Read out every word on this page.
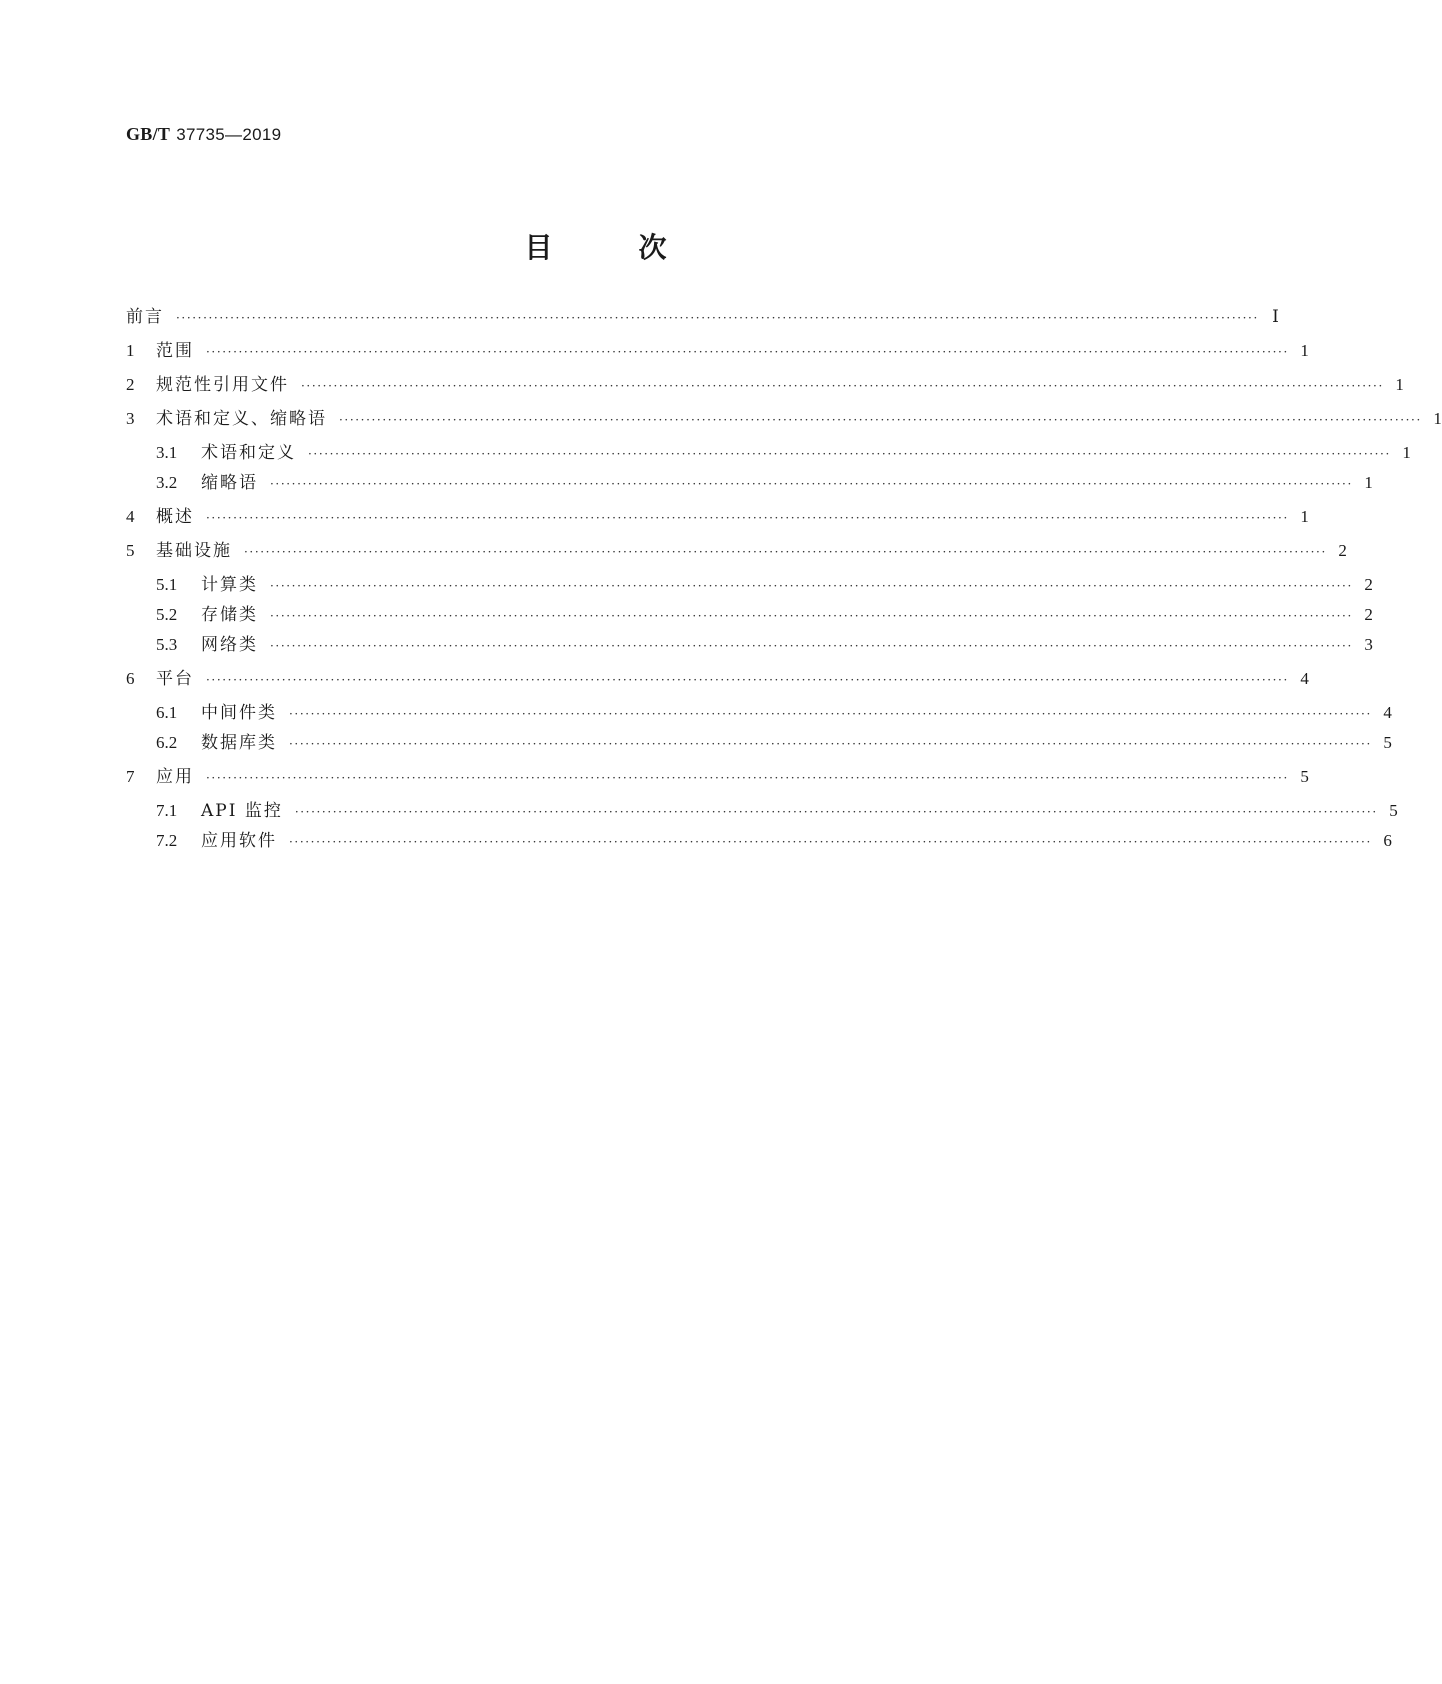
GB/T 37735—2019
目	次
前言 ········································································································································································································ Ⅰ
1	范围 ········································································································································································································ 1
2	规范性引用文件 ········································································································································································································ 1
3	术语和定义、缩略语 ········································································································································································································ 1
3.1	术语和定义 ········································································································································································································ 1
3.2	缩略语 ········································································································································································································ 1
4	概述 ········································································································································································································ 1
5	基础设施 ········································································································································································································ 2
5.1	计算类 ········································································································································································································ 2
5.2	存储类 ········································································································································································································ 2
5.3	网络类 ········································································································································································································ 3
6	平台 ········································································································································································································ 4
6.1	中间件类 ········································································································································································································ 4
6.2	数据库类 ········································································································································································································ 5
7	应用 ········································································································································································································ 5
7.1	API 监控 ········································································································································································································ 5
7.2	应用软件 ········································································································································································································ 6
